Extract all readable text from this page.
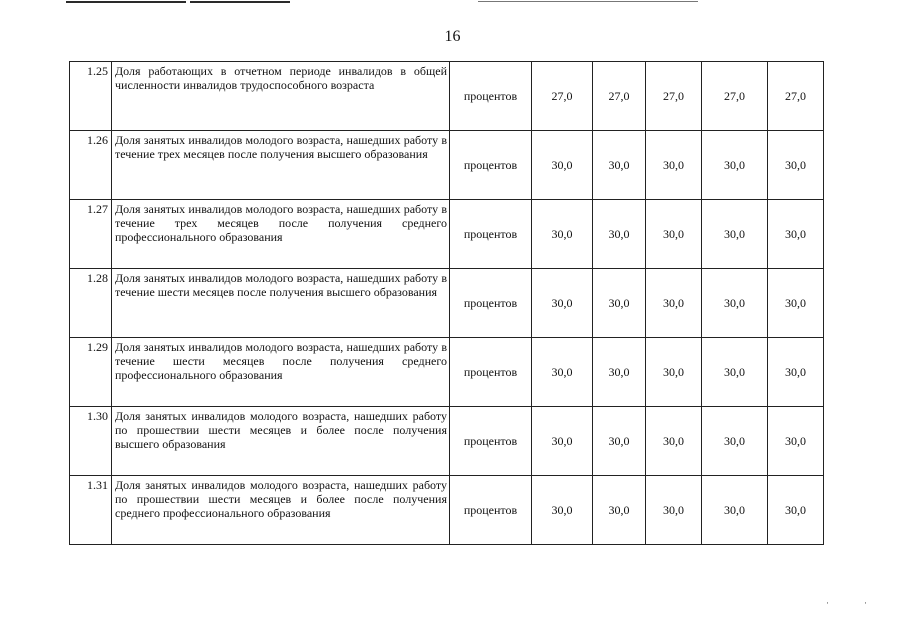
16
1.25	Доля работающих в отчетном периоде инвалидов в общей численности инвалидов трудоспособного возраста	процентов	27,0	27,0	27,0	27,0	27,0
1.26	Доля занятых инвалидов молодого возраста, нашедших работу в течение трех месяцев после получения высшего образования	процентов	30,0	30,0	30,0	30,0	30,0
1.27	Доля занятых инвалидов молодого возраста, нашедших работу в течение трех месяцев после получения среднего профессионального образования	процентов	30,0	30,0	30,0	30,0	30,0
1.28	Доля занятых инвалидов молодого возраста, нашедших работу в течение шести месяцев после получения высшего образования	процентов	30,0	30,0	30,0	30,0	30,0
1.29	Доля занятых инвалидов молодого возраста, нашедших работу в течение шести месяцев после получения среднего профессионального образования	процентов	30,0	30,0	30,0	30,0	30,0
1.30	Доля занятых инвалидов молодого возраста, нашедших работу по прошествии шести месяцев и более после получения высшего образования	процентов	30,0	30,0	30,0	30,0	30,0
1.31	Доля занятых инвалидов молодого возраста, нашедших работу по прошествии шести месяцев и более после получения среднего профессионального образования	процентов	30,0	30,0	30,0	30,0	30,0
·	·
